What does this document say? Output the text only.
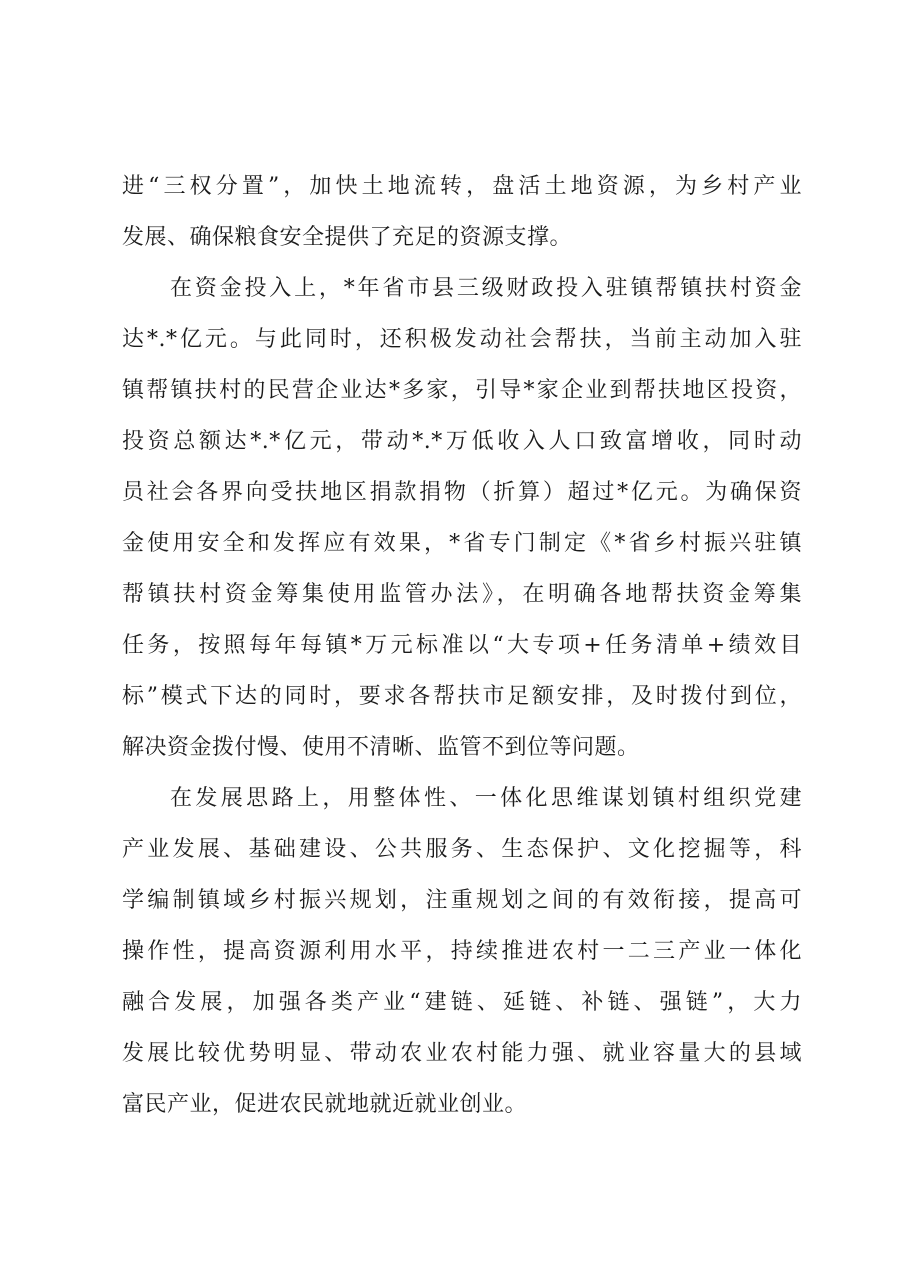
进“三权分置”，加快土地流转，盘活土地资源，为乡村产业
发展、确保粮食安全提供了充足的资源支撑。
在资金投入上，*年省市县三级财政投入驻镇帮镇扶村资金
达*.*亿元。与此同时，还积极发动社会帮扶，当前主动加入驻
镇帮镇扶村的民营企业达*多家，引导*家企业到帮扶地区投资，
投资总额达*.*亿元，带动*.*万低收入人口致富增收，同时动
员社会各界向受扶地区捐款捐物（折算）超过*亿元。为确保资
金使用安全和发挥应有效果，*省专门制定《*省乡村振兴驻镇
帮镇扶村资金筹集使用监管办法》，在明确各地帮扶资金筹集
任务，按照每年每镇*万元标准以“大专项+任务清单+绩效目
标”模式下达的同时，要求各帮扶市足额安排，及时拨付到位，
解决资金拨付慢、使用不清晰、监管不到位等问题。
在发展思路上，用整体性、一体化思维谋划镇村组织党建
产业发展、基础建设、公共服务、生态保护、文化挖掘等，科
学编制镇域乡村振兴规划，注重规划之间的有效衔接，提高可
操作性，提高资源利用水平，持续推进农村一二三产业一体化
融合发展，加强各类产业“建链、延链、补链、强链”，大力
发展比较优势明显、带动农业农村能力强、就业容量大的县域
富民产业，促进农民就地就近就业创业。
